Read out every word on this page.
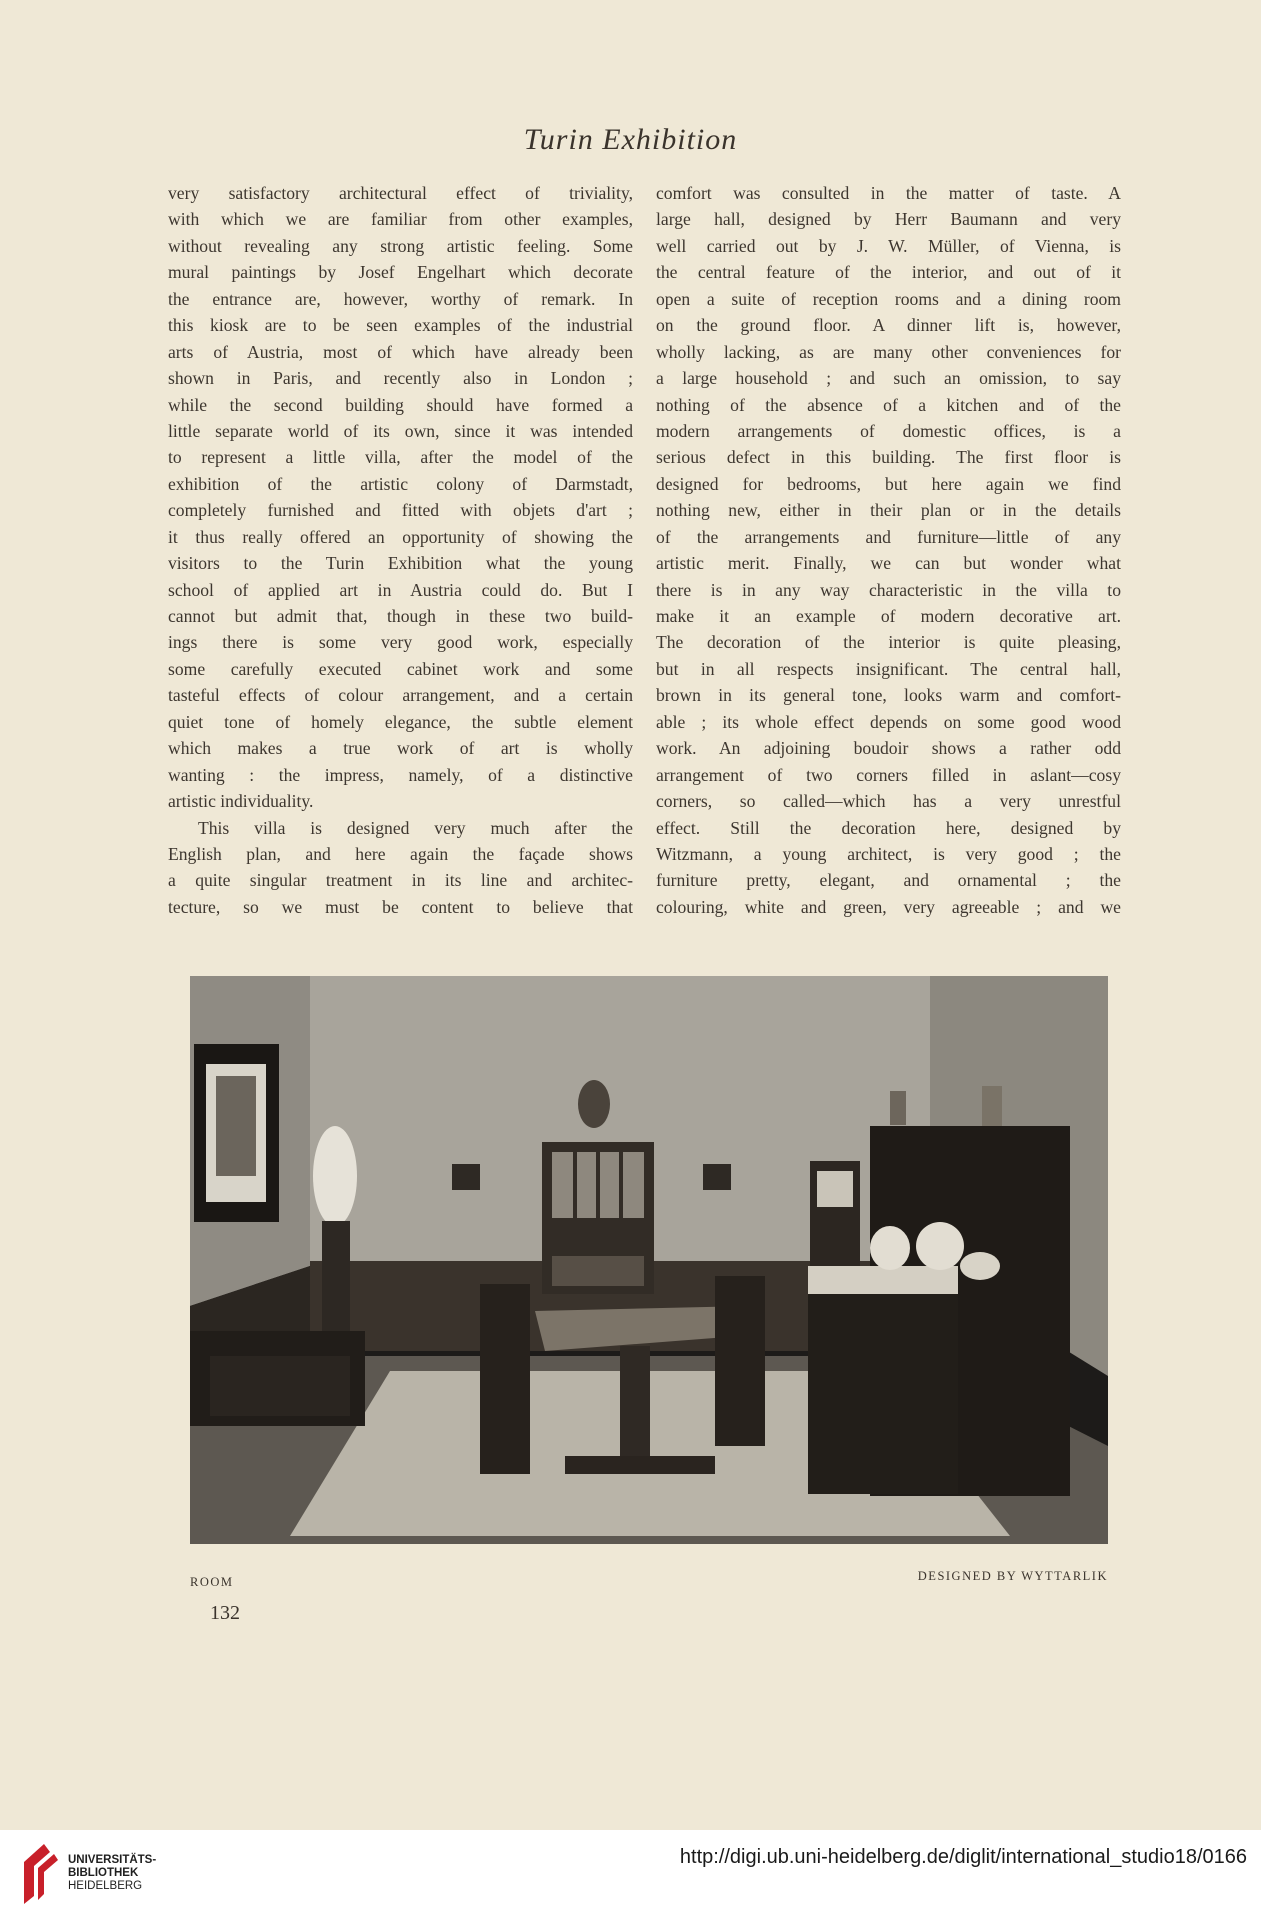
Turin Exhibition
very satisfactory architectural effect of triviality,
with which we are familiar from other examples,
without revealing any strong artistic feeling. Some
mural paintings by Josef Engelhart which decorate
the entrance are, however, worthy of remark. In
this kiosk are to be seen examples of the industrial
arts of Austria, most of which have already been
shown in Paris, and recently also in London ;
while the second building should have formed a
little separate world of its own, since it was intended
to represent a little villa, after the model of the
exhibition of the artistic colony of Darmstadt,
completely furnished and fitted with objets d'art ;
it thus really offered an opportunity of showing the
visitors to the Turin Exhibition what the young
school of applied art in Austria could do. But I
cannot but admit that, though in these two build-
ings there is some very good work, especially
some carefully executed cabinet work and some
tasteful effects of colour arrangement, and a certain
quiet tone of homely elegance, the subtle element
which makes a true work of art is wholly
wanting : the impress, namely, of a distinctive
artistic individuality.
This villa is designed very much after the
English plan, and here again the façade shows
a quite singular treatment in its line and architec-
tecture, so we must be content to believe that
comfort was consulted in the matter of taste. A
large hall, designed by Herr Baumann and very
well carried out by J. W. Müller, of Vienna, is
the central feature of the interior, and out of it
open a suite of reception rooms and a dining room
on the ground floor. A dinner lift is, however,
wholly lacking, as are many other conveniences for
a large household ; and such an omission, to say
nothing of the absence of a kitchen and of the
modern arrangements of domestic offices, is a
serious defect in this building. The first floor is
designed for bedrooms, but here again we find
nothing new, either in their plan or in the details
of the arrangements and furniture—little of any
artistic merit. Finally, we can but wonder what
there is in any way characteristic in the villa to
make it an example of modern decorative art.
The decoration of the interior is quite pleasing,
but in all respects insignificant. The central hall,
brown in its general tone, looks warm and comfort-
able ; its whole effect depends on some good wood
work. An adjoining boudoir shows a rather odd
arrangement of two corners filled in aslant—cosy
corners, so called—which has a very unrestful
effect. Still the decoration here, designed by
Witzmann, a young architect, is very good ; the
furniture pretty, elegant, and ornamental ; the
colouring, white and green, very agreeable ; and we
ROOM	DESIGNED BY WYTTARLIK
132
UNIVERSITÄTS-
BIBLIOTHEK
HEIDELBERG
http://digi.ub.uni-heidelberg.de/diglit/international_studio18/0166
